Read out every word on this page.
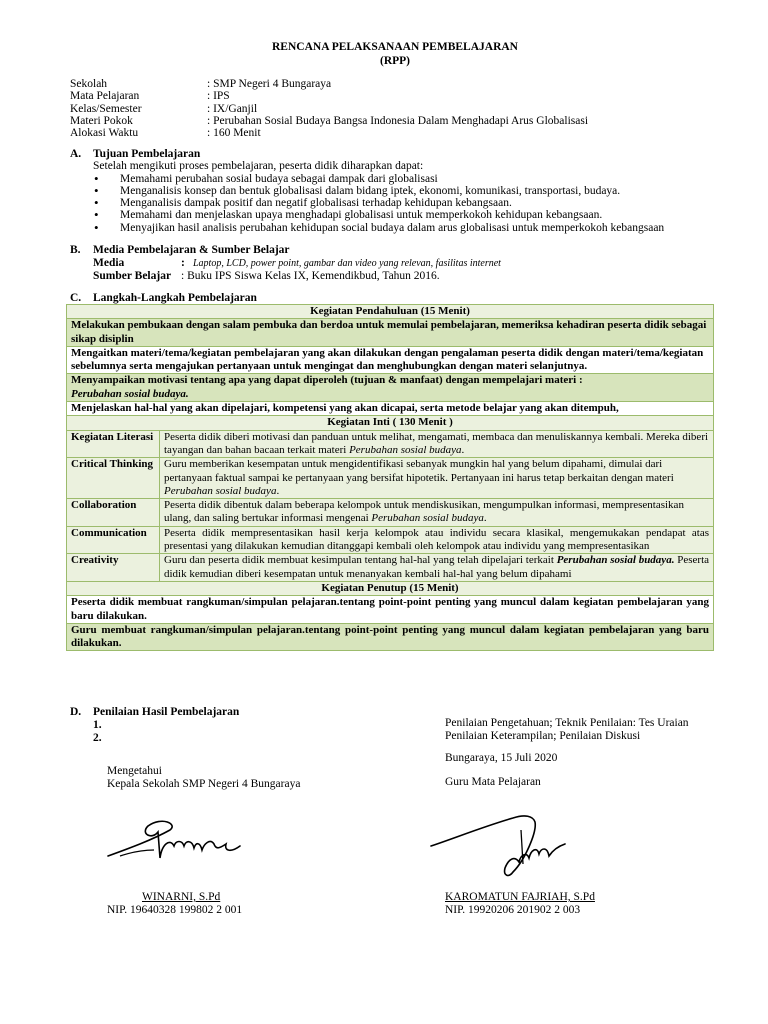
RENCANA PELAKSANAAN PEMBELAJARAN
(RPP)
Sekolah	: SMP Negeri 4 Bungaraya
Mata Pelajaran	: IPS
Kelas/Semester	: IX/Ganjil
Materi Pokok	: Perubahan Sosial Budaya Bangsa Indonesia Dalam Menghadapi Arus Globalisasi
Alokasi Waktu	: 160 Menit
A. Tujuan Pembelajaran
Setelah mengikuti proses pembelajaran, peserta didik diharapkan dapat:
• Memahami perubahan sosial budaya sebagai dampak dari globalisasi
• Menganalisis konsep dan bentuk globalisasi dalam bidang iptek, ekonomi, komunikasi, transportasi, budaya.
• Menganalisis dampak positif dan negatif globalisasi terhadap kehidupan kebangsaan.
• Memahami dan menjelaskan upaya menghadapi globalisasi untuk memperkokoh kehidupan kebangsaan.
• Menyajikan hasil analisis perubahan kehidupan social budaya dalam arus globalisasi untuk memperkokoh kebangsaan
B. Media Pembelajaran & Sumber Belajar
Media	: Laptop, LCD, power point, gambar dan video yang relevan, fasilitas internet
Sumber Belajar : Buku IPS Siswa Kelas IX, Kemendikbud, Tahun 2016.
C. Langkah-Langkah Pembelajaran
Kegiatan Pendahuluan (15 Menit)	
Melakukan pembukaan dengan salam pembuka dan berdoa untuk memulai pembelajaran, memeriksa kehadiran peserta didik sebagai sikap disiplin	
Mengaitkan materi/tema/kegiatan pembelajaran yang akan dilakukan dengan pengalaman peserta didik dengan materi/tema/kegiatan sebelumnya serta mengajukan pertanyaan untuk mengingat dan menghubungkan dengan materi selanjutnya.	

Menyampaikan motivasi tentang apa yang dapat diperoleh (tujuan & manfaat) dengan mempelajari materi :
Perubahan sosial budaya.	

Menjelaskan hal-hal yang akan dipelajari, kompetensi yang akan dicapai, serta metode belajar yang akan ditempuh,	
Kegiatan Inti ( 130 Menit )	
Kegiatan Literasi	Peserta didik diberi motivasi dan panduan untuk melihat, mengamati, membaca dan menuliskannya kembali. Mereka diberi tayangan dan bahan bacaan terkait materi Perubahan sosial budaya.
Critical Thinking	Guru memberikan kesempatan untuk mengidentifikasi sebanyak mungkin hal yang belum dipahami, dimulai dari pertanyaan faktual sampai ke pertanyaan yang bersifat hipotetik. Pertanyaan ini harus tetap berkaitan dengan materi Perubahan sosial budaya.
Collaboration	Peserta didik dibentuk dalam beberapa kelompok untuk mendiskusikan, mengumpulkan informasi, mempresentasikan ulang, dan saling bertukar informasi mengenai Perubahan sosial budaya.
Communication	Peserta didik mempresentasikan hasil kerja kelompok atau individu secara klasikal, mengemukakan pendapat atas presentasi yang dilakukan kemudian ditanggapi kembali oleh kelompok atau individu yang mempresentasikan
Creativity	Guru dan peserta didik membuat kesimpulan tentang hal-hal yang telah dipelajari terkait Perubahan sosial budaya. Peserta didik kemudian diberi kesempatan untuk menanyakan kembali hal-hal yang belum dipahami
Kegiatan Penutup (15 Menit)	
Peserta didik membuat rangkuman/simpulan pelajaran.tentang point-point penting yang muncul dalam kegiatan pembelajaran yang baru dilakukan.	
Guru membuat rangkuman/simpulan pelajaran.tentang point-point penting yang muncul dalam kegiatan pembelajaran yang baru dilakukan.	
D. Penilaian Hasil Pembelajaran
1.
2.
Penilaian Pengetahuan; Teknik Penilaian: Tes Uraian
Penilaian Keterampilan; Penilaian Diskusi
Bungaraya, 15 Juli 2020
Guru Mata Pelajaran
Mengetahui
Kepala Sekolah SMP Negeri 4 Bungaraya
WINARNI, S.Pd
NIP. 19640328 199802 2 001
KAROMATUN FAJRIAH, S.Pd
NIP. 19920206 201902 2 003
